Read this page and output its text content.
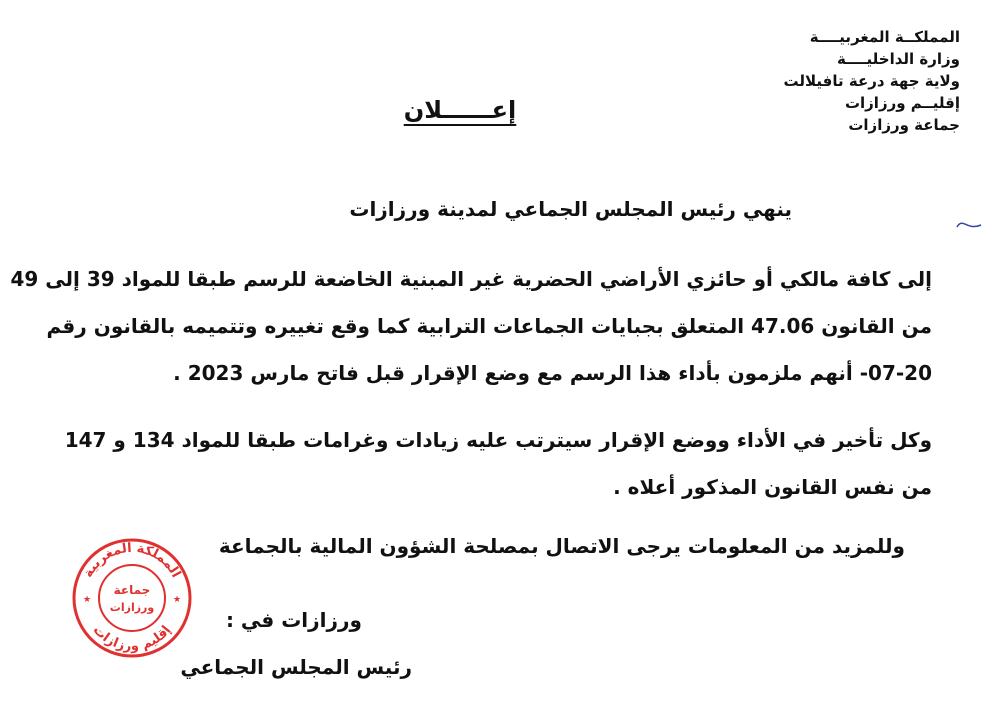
المملكــة المغربيــــة
وزارة الداخليــــة
ولاية جهة درعة تافيلالت
إقليــم ورزازات
جماعة ورزازات
إعــــــلان
ينهي رئيس المجلس الجماعي لمدينة ورزازات
إلى كافة مالكي أو حائزي الأراضي الحضرية غير المبنية الخاضعة للرسم طبقا للمواد 39 إلى 49
من القانون 47.06 المتعلق بجبايات الجماعات الترابية كما وقع تغييره وتتميمه بالقانون رقم
07-20- أنهم ملزمون بأداء هذا الرسم مع وضع الإقرار قبل فاتح مارس 2023 .
وكل تأخير في الأداء ووضع الإقرار سيترتب عليه زيادات وغرامات طبقا للمواد 134 و 147
من نفس القانون المذكور أعلاه .
وللمزيد من المعلومات يرجى الاتصال بمصلحة الشؤون المالية بالجماعة
ورزازات في :
رئيس المجلس الجماعي
المملكة المغربية
إقليم ورزازات
جماعة
ورزازات
★	★
